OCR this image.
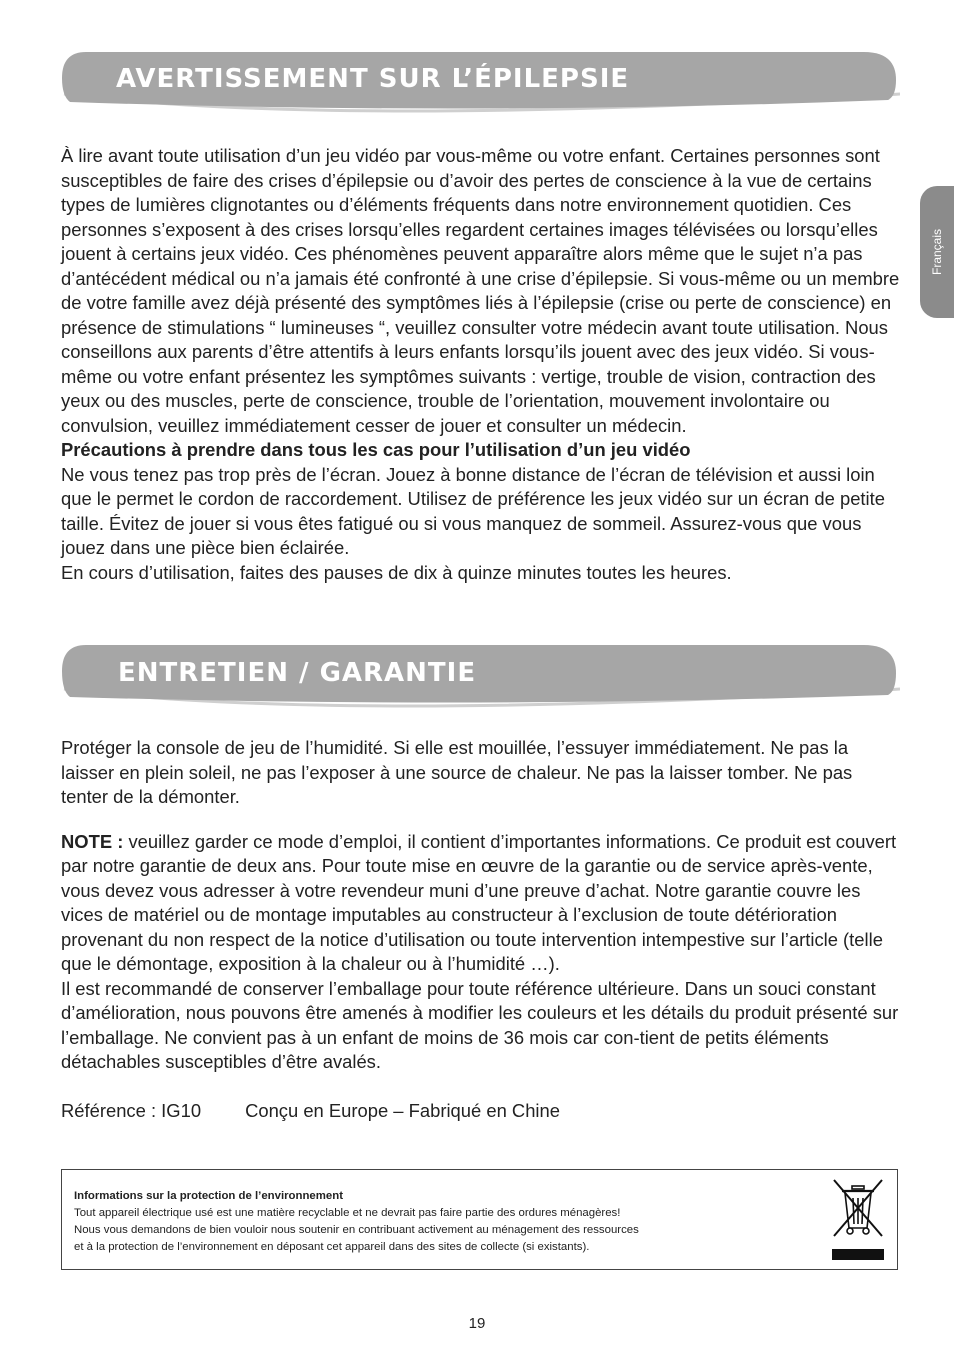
Français
AVERTISSEMENT SUR L’ÉPILEPSIE

À lire avant toute utilisation d’un jeu vidéo par vous-même ou votre enfant. Certaines personnes sont susceptibles de faire des crises d’épilepsie ou d’avoir des pertes de conscience à la vue de certains types de lumières clignotantes ou d’éléments fréquents dans notre environnement quotidien. Ces personnes s’exposent à des crises lorsqu’elles regardent certaines images télévisées ou lorsqu’elles jouent à certains jeux vidéo. Ces phénomènes peuvent apparaître alors même que le sujet n’a pas d’antécédent médical ou n’a jamais été confronté à une crise d’épilepsie. Si vous-même ou un membre de votre famille avez déjà présenté des symptômes liés à l’épilepsie (crise ou perte de conscience) en présence de stimulations “ lumineuses “, veuillez consulter votre médecin avant toute utilisation. Nous conseillons aux parents d’être attentifs à leurs enfants lorsqu’ils jouent avec des jeux vidéo. Si vous-même ou votre enfant présentez les symptômes suivants : vertige, trouble de vision, contraction des yeux ou des muscles, perte de conscience, trouble de l’orientation, mouvement involontaire ou convulsion, veuillez immédiatement cesser de jouer et consulter un médecin.

Précautions à prendre dans tous les cas pour l’utilisation d’un jeu vidéo

Ne vous tenez pas trop près de l’écran. Jouez à bonne distance de l’écran de télévision et aussi loin que le permet le cordon de raccordement. Utilisez de préférence les jeux vidéo sur un écran de petite taille. Évitez de jouer si vous êtes fatigué ou si vous manquez de sommeil. Assurez-vous que vous jouez dans une pièce bien éclairée.

En cours d’utilisation, faites des pauses de dix à quinze minutes toutes les heures.

ENTRETIEN / GARANTIE

Protéger la console de jeu de l’humidité. Si elle est mouillée, l’essuyer immédiatement. Ne pas la laisser en plein soleil, ne pas l’exposer à une source de chaleur. Ne pas la laisser tomber. Ne pas tenter de la démonter.

NOTE : veuillez garder ce mode d’emploi, il contient d’importantes informations. Ce produit est couvert par notre garantie de deux ans. Pour toute mise en œuvre de la garantie ou de service après-vente, vous devez vous adresser à votre revendeur muni d’une preuve d’achat. Notre garantie couvre les vices de matériel ou de montage imputables au constructeur à l’exclusion de toute détérioration provenant du non respect de la notice d’utilisation ou toute intervention intempestive sur l’article (telle que le démontage, exposition à la chaleur ou à l’humidité …).

Il est recommandé de conserver l’emballage pour toute référence ultérieure. Dans un souci constant d’amélioration, nous pouvons être amenés à modifier les couleurs et les détails du produit présenté sur l’emballage. Ne convient pas à un enfant de moins de 36 mois car con-tient de petits éléments détachables susceptibles d’être avalés.

Référence : IG10 Conçu en Europe – Fabriqué en Chine
Informations sur la protection de l’environnement
Tout appareil électrique usé est une matière recyclable et ne devrait pas faire partie des ordures ménagères!
Nous vous demandons de bien vouloir nous soutenir en contribuant activement au ménagement des ressources
et à la protection de l’environnement en déposant cet appareil dans des sites de collecte (si existants).
19
